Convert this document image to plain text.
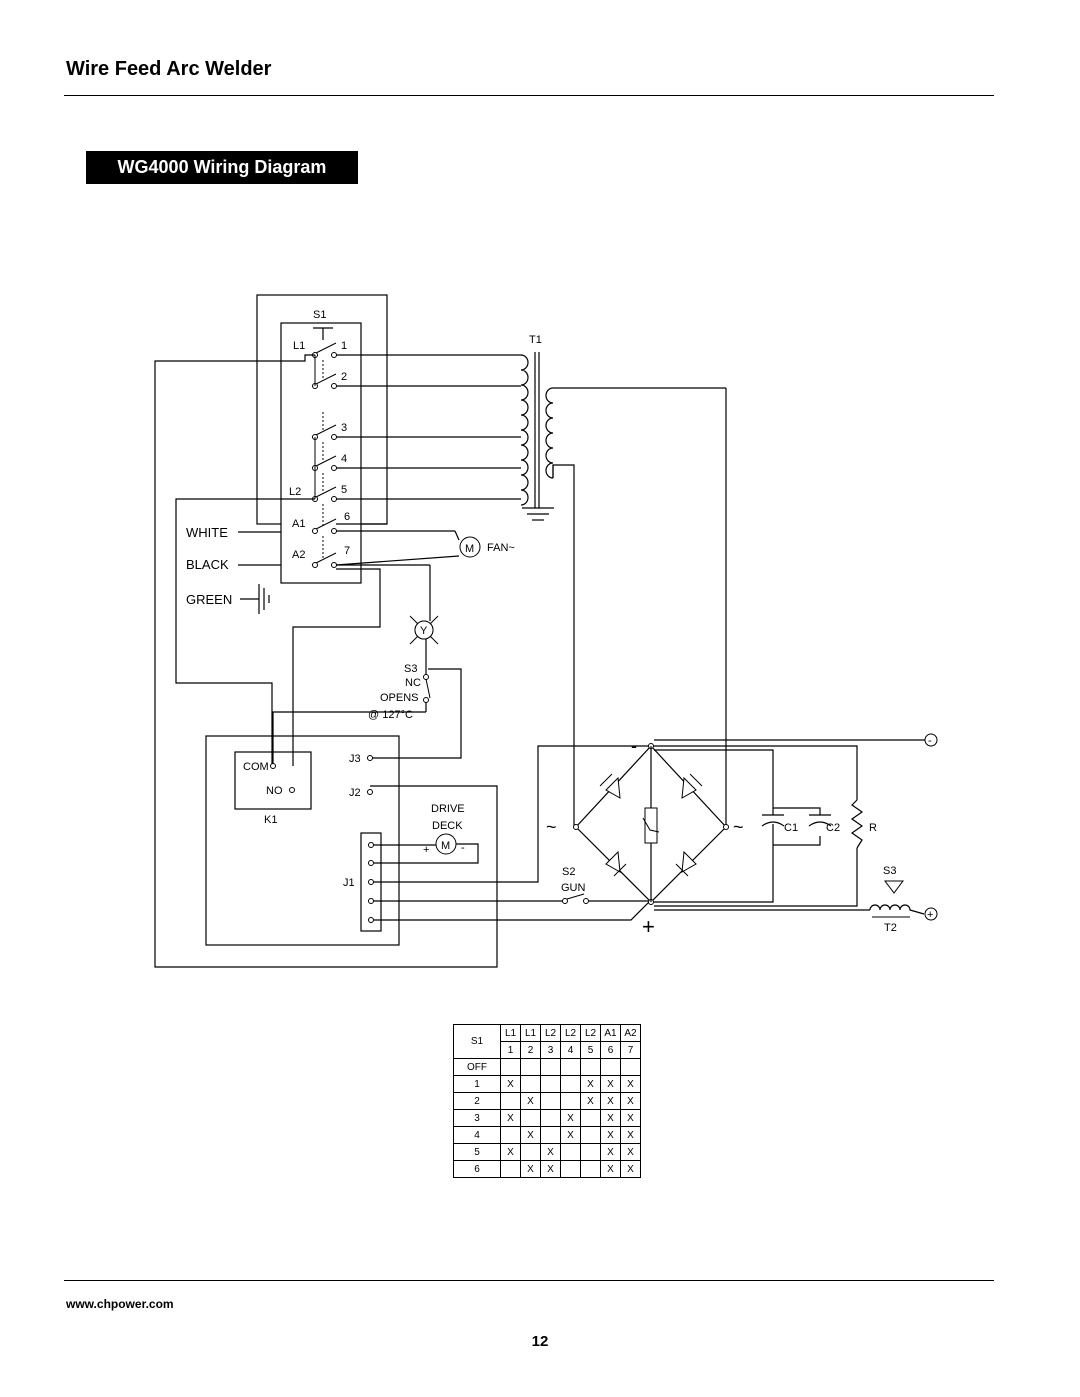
Wire Feed Arc Welder
WG4000 Wiring Diagram
S1
1
2
3
4
5
6
7
L1
L2
A1
A2
T1
M FAN~
WHITE
BLACK
GREEN
Y
S3
NC
OPENS
@ 127°C
COM
NO
K1
J3
J2
J1
DRIVE
DECK
M
+	-
S2
GUN
-
+
~	~	C1	C2	R
-
S3
+
T2
S1	L1	L1	L2	L2	L2	A1	A2
	1	2	3	4	5	6	7
OFF							
1	X				X	X	X
2		X			X	X	X
3	X			X		X	X
4		X		X		X	X
5	X		X			X	X
6		X	X			X	X
www.chpower.com
12
